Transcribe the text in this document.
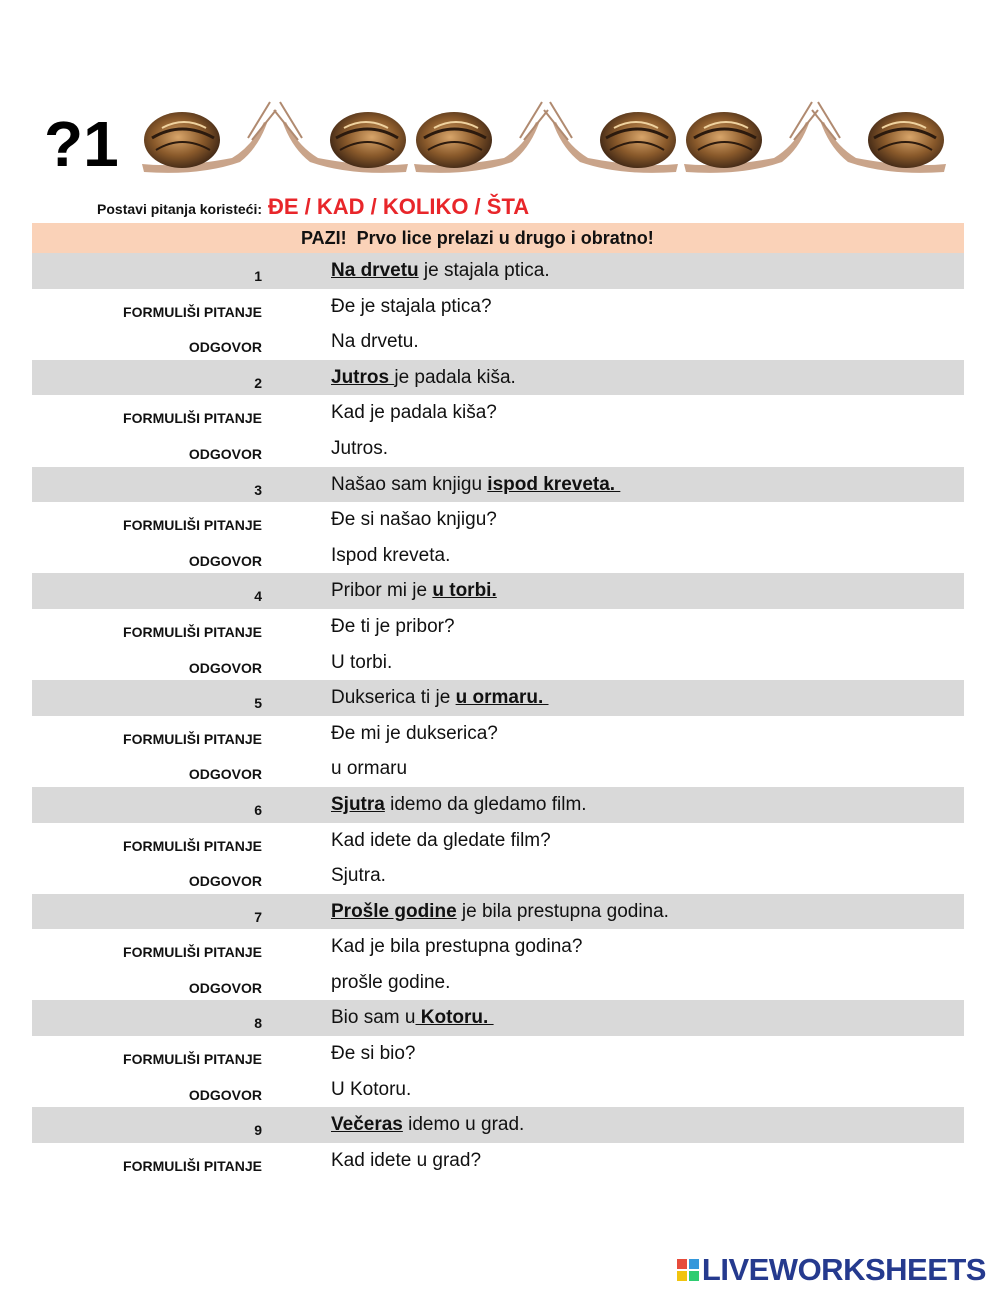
?1
Postavi pitanja koristeći: ĐE / KAD / KOLIKO / ŠTA
PAZI!  Prvo lice prelazi u drugo i obratno!
1	Na drvetu je stajala ptica.
FORMULIŠI PITANJE	Đe je stajala ptica?
ODGOVOR	Na drvetu.
2	Jutros je padala kiša.
FORMULIŠI PITANJE	Kad je padala kiša?
ODGOVOR	Jutros.
3	Našao sam knjigu ispod kreveta.
FORMULIŠI PITANJE	Đe si našao knjigu?
ODGOVOR	Ispod kreveta.
4	Pribor mi je u torbi.
FORMULIŠI PITANJE	Đe ti je pribor?
ODGOVOR	U torbi.
5	Dukserica ti je u ormaru.
FORMULIŠI PITANJE	Đe mi je dukserica?
ODGOVOR	u ormaru
6	Sjutra idemo da gledamo film.
FORMULIŠI PITANJE	Kad idete da gledate film?
ODGOVOR	Sjutra.
7	Prošle godine je bila prestupna godina.
FORMULIŠI PITANJE	Kad je bila prestupna godina?
ODGOVOR	prošle godine.
8	Bio sam u Kotoru.
FORMULIŠI PITANJE	Đe si bio?
ODGOVOR	U Kotoru.
9	Večeras idemo u grad.
FORMULIŠI PITANJE	Kad idete u grad?
LIVEWORKSHEETS
